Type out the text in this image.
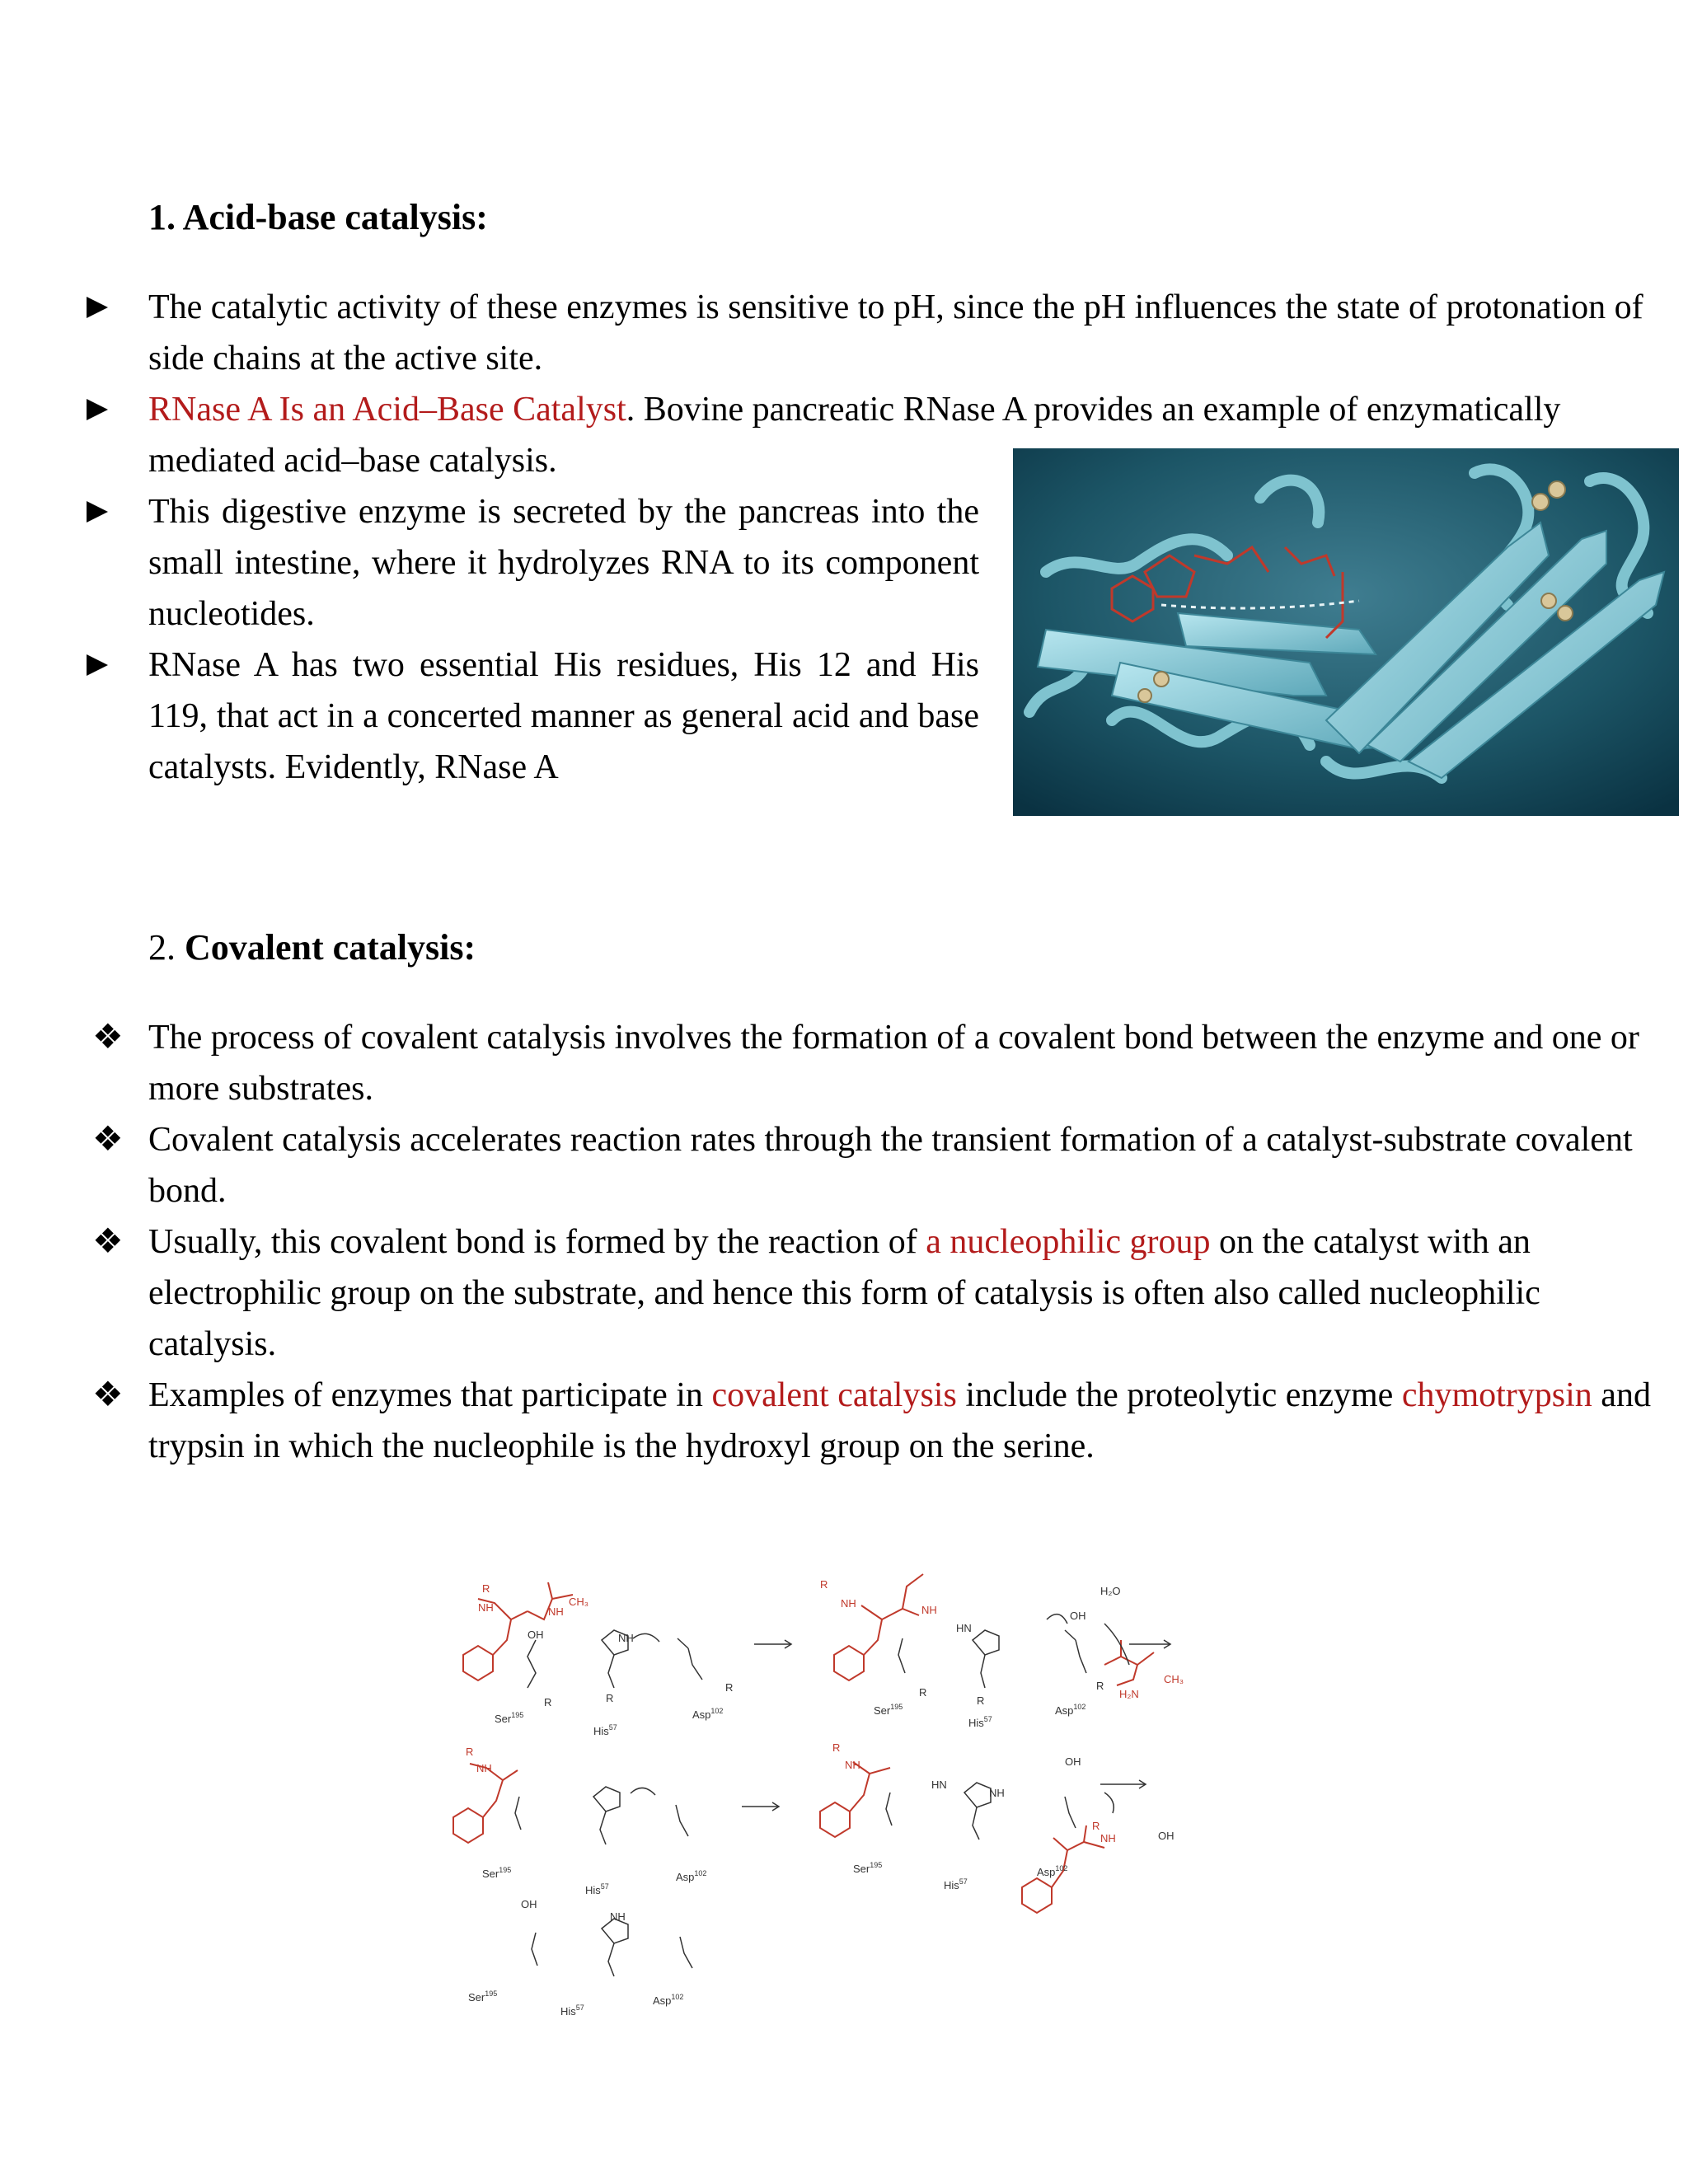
1. Acid-base catalysis:
The catalytic activity of these enzymes is sensitive to pH, since the pH influences the state of protonation of side chains at the active site.
RNase A Is an Acid–Base Catalyst. Bovine pancreatic RNase A provides an example of enzymatically mediated acid–base catalysis.
This digestive enzyme is secreted by the pancreas into the small intestine, where it hydrolyzes RNA to its component nucleotides.
RNase A has two essential His residues, His 12 and His 119, that act in a concerted manner as general acid and base catalysts. Evidently, RNase A
2. Covalent catalysis:
❖ The process of covalent catalysis involves the formation of a covalent bond between the enzyme and one or more substrates.
❖ Covalent catalysis accelerates reaction rates through the transient formation of a catalyst-substrate covalent bond.
❖ Usually, this covalent bond is formed by the reaction of a nucleophilic group on the catalyst with an electrophilic group on the substrate, and hence this form of catalysis is often also called nucleophilic catalysis.
❖ Examples of enzymes that participate in covalent catalysis include the proteolytic enzyme chymotrypsin and trypsin in which the nucleophile is the hydroxyl group on the serine.
Ser$^{195}$
His$^{57}$
Asp$^{102}$	Ser$^{195}$
His$^{57}$
Asp$^{102}$
Ser$^{195}$
His$^{57}$
Asp$^{102}$	Ser$^{195}$
His$^{57}$
Asp$^{102}$
Ser$^{195}$
His$^{57}$
Asp$^{102}$
H₂O
OH
OH
OH
OH
OH
NH
NH
NH
HN
HN
R	R
R	R
R
R
R
NH	NH
CH₃
R
NH
NH
CH₃
H₂N
R
NH
R
NH
NH
R
